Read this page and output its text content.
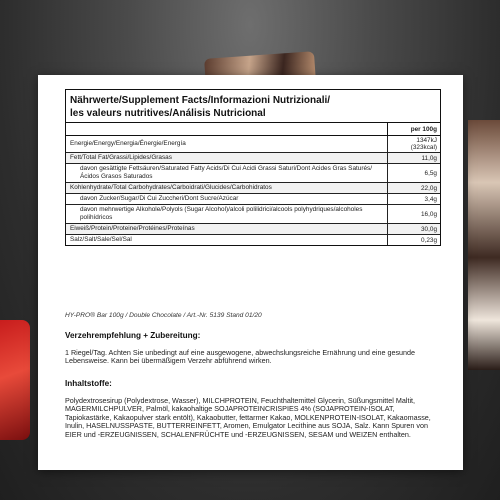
Nährwerte/Supplement Facts/Informazioni Nutrizionali/
les valeurs nutritives/Análisis Nutricional
per 100g
Energie/Energy/Energia/Énergie/Energía	1347kJ (323kcal)
Fett/Total Fat/Grassi/Lipides/Grasas	11,0g
davon gesättigte Fettsäuren/Saturated Fatty Acids/Di Cui Acidi Grassi Saturi/Dont Acides Gras Saturés/Ácidos Grasos Saturados	6,5g
Kohlenhydrate/Total Carbohydrates/Carboidrati/Glucides/Carbohidratos	22,0g
davon Zucker/Sugar/Di Cui Zuccheri/Dont Sucre/Azúcar	3,4g
davon mehrwertige Alkohole/Polyols (Sugar Alcohol)/alcoli polilidrici/alcools polyhydriques/alcoholes polihídricos	16,0g
Eiweiß/Protein/Proteine/Protéines/Proteínas	30,0g
Salz/Salt/Sale/Sel/Sal	0,23g
HY-PRO® Bar 100g / Double Chocolate / Art.-Nr. 5139 Stand 01/20
Verzehrempfehlung + Zubereitung:
1 Riegel/Tag. Achten Sie unbedingt auf eine ausgewogene, abwechslungsreiche Ernährung und eine gesunde Lebensweise. Kann bei übermäßigem Verzehr abführend wirken.
Inhaltstoffe:
Polydextrosesirup (Polydextrose, Wasser), MILCHPROTEIN, Feuchthaltemittel Glycerin, Süßungsmittel Maltit, MAGERMILCHPULVER, Palmöl, kakaohaltige SOJAPROTEINCRISPIES 4% (SOJAPROTEIN-ISOLAT, Tapiokastärke, Kakaopulver stark entölt), Kakaobutter, fettarmer Kakao, MOLKENPROTEIN-ISOLAT, Kakaomasse, Inulin, HASELNUSSPASTE, BUTTERREINFETT, Aromen, Emulgator Lecithine aus SOJA, Salz. Kann Spuren von EIER und -ERZEUGNISSEN, SCHALENFRÜCHTE und -ERZEUGNISSEN, SESAM und WEIZEN enthalten.
